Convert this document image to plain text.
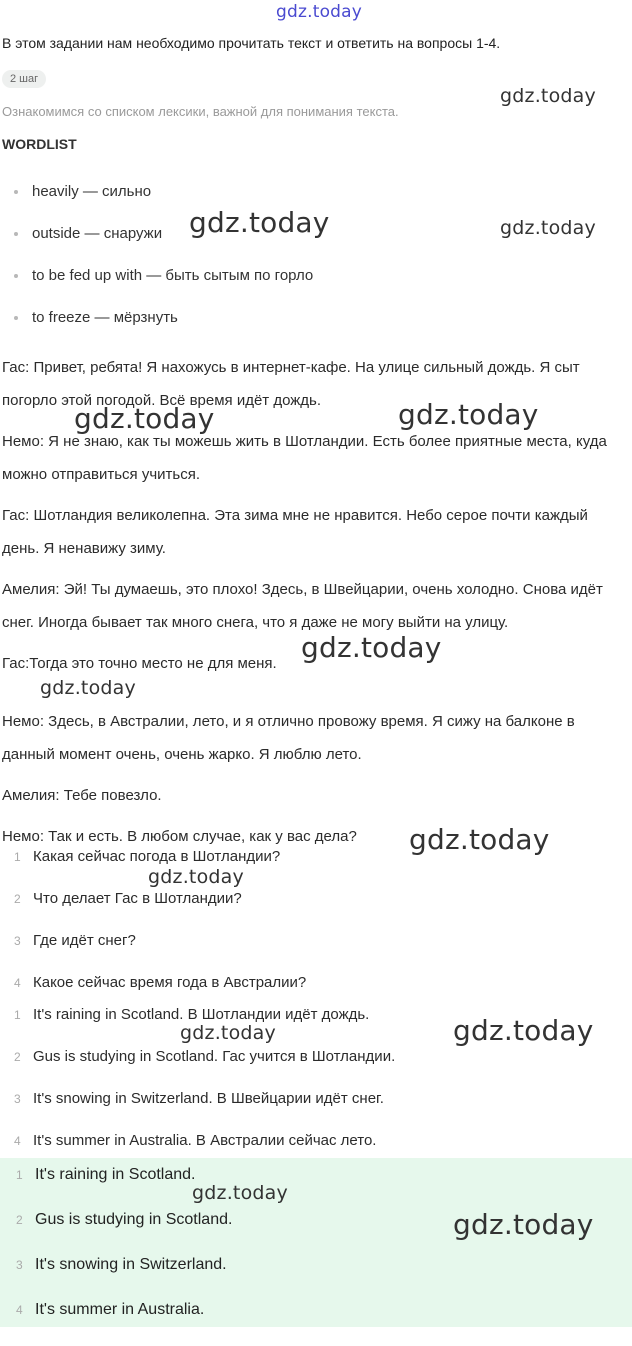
gdz.today
gdz.today
gdz.today	gdz.today
gdz.today	gdz.today
gdz.today
gdz.today
gdz.today
gdz.today
gdz.today	gdz.today
В этом задании нам необходимо прочитать текст и ответить на вопросы 1-4.
2 шаг
Ознакомимся со списком лексики, важной для понимания текста.
WORDLIST
heavily — сильно
outside — снаружи
to be fed up with — быть сытым по горло
to freeze — мёрзнуть

Гас: Привет, ребята! Я нахожусь в интернет-кафе. На улице сильный дождь. Я сыт погорло этой погодой. Всё время идёт дождь.

Немо: Я не знаю, как ты можешь жить в Шотландии. Есть более приятные места, куда можно отправиться учиться.

Гас: Шотландия великолепна. Эта зима мне не нравится. Небо серое почти каждый день. Я ненавижу зиму.

Амелия: Эй! Ты думаешь, это плохо! Здесь, в Швейцарии, очень холодно. Снова идёт снег. Иногда бывает так много снега, что я даже не могу выйти на улицу.

Гас:Тогда это точно место не для меня.

Немо: Здесь, в Австралии, лето, и я отлично провожу время. Я сижу на балконе в данный момент очень, очень жарко. Я люблю лето.

Амелия: Тебе повезло.

Немо: Так и есть. В любом случае, как у вас дела?

1 Какая сейчас погода в Шотландии?
2 Что делает Гас в Шотландии?
3 Где идёт снег?
4 Какое сейчас время года в Австралии?
1 It's raining in Scotland. В Шотландии идёт дождь.
2 Gus is studying in Scotland. Гас учится в Шотландии.
3 It's snowing in Switzerland. В Швейцарии идёт снег.
4 It's summer in Australia. В Австралии сейчас лето.
1 It's raining in Scotland.
2 Gus is studying in Scotland.
3 It's snowing in Switzerland.
4 It's summer in Australia.
gdz.today
gdz.today
